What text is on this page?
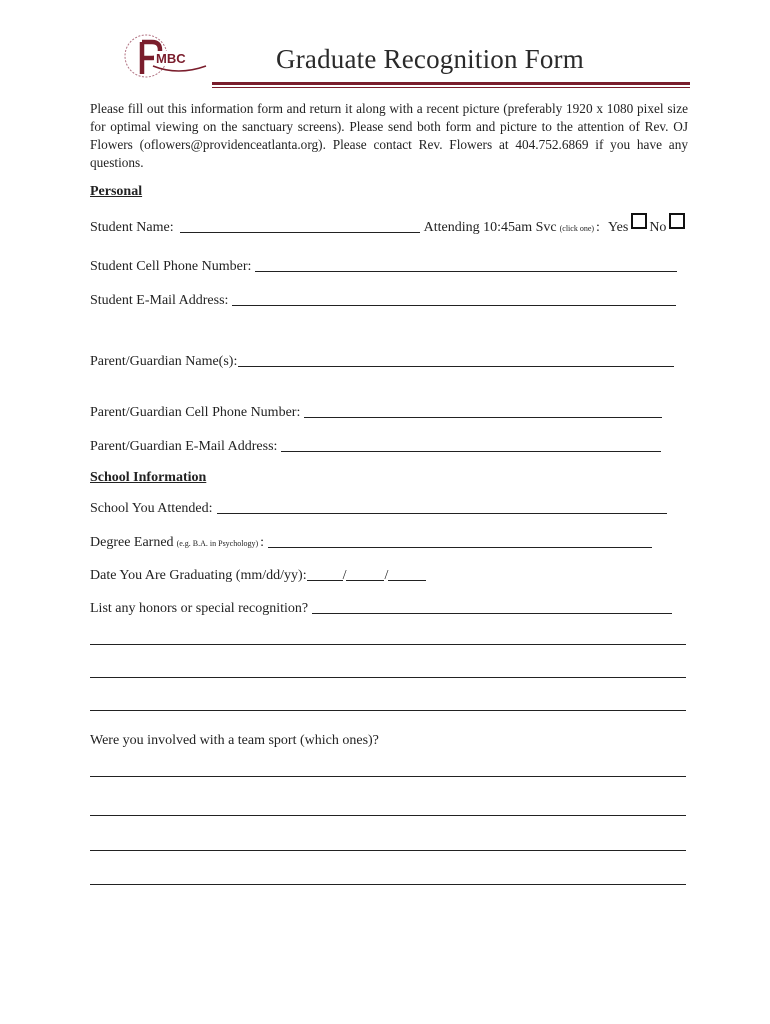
MBC	Graduate Recognition Form
Please fill out this information form and return it along with a recent picture (preferably 1920 x 1080 pixel size for optimal viewing on the sanctuary screens). Please send both form and picture to the attention of Rev. OJ Flowers (oflowers@providenceatlanta.org). Please contact Rev. Flowers at 404.752.6869 if you have any questions.
Personal
Student Name:	Attending 10:45am Svc (click one) : Yes No
Student Cell Phone Number:
Student E-Mail Address:
Parent/Guardian Name(s):
Parent/Guardian Cell Phone Number:
Parent/Guardian E-Mail Address:
School Information
School You Attended:
Degree Earned (e.g. B.A. in Psychology) :
Date You Are Graduating (mm/dd/yy):	/	/
List any honors or special recognition?
Were you involved with a team sport (which ones)?
